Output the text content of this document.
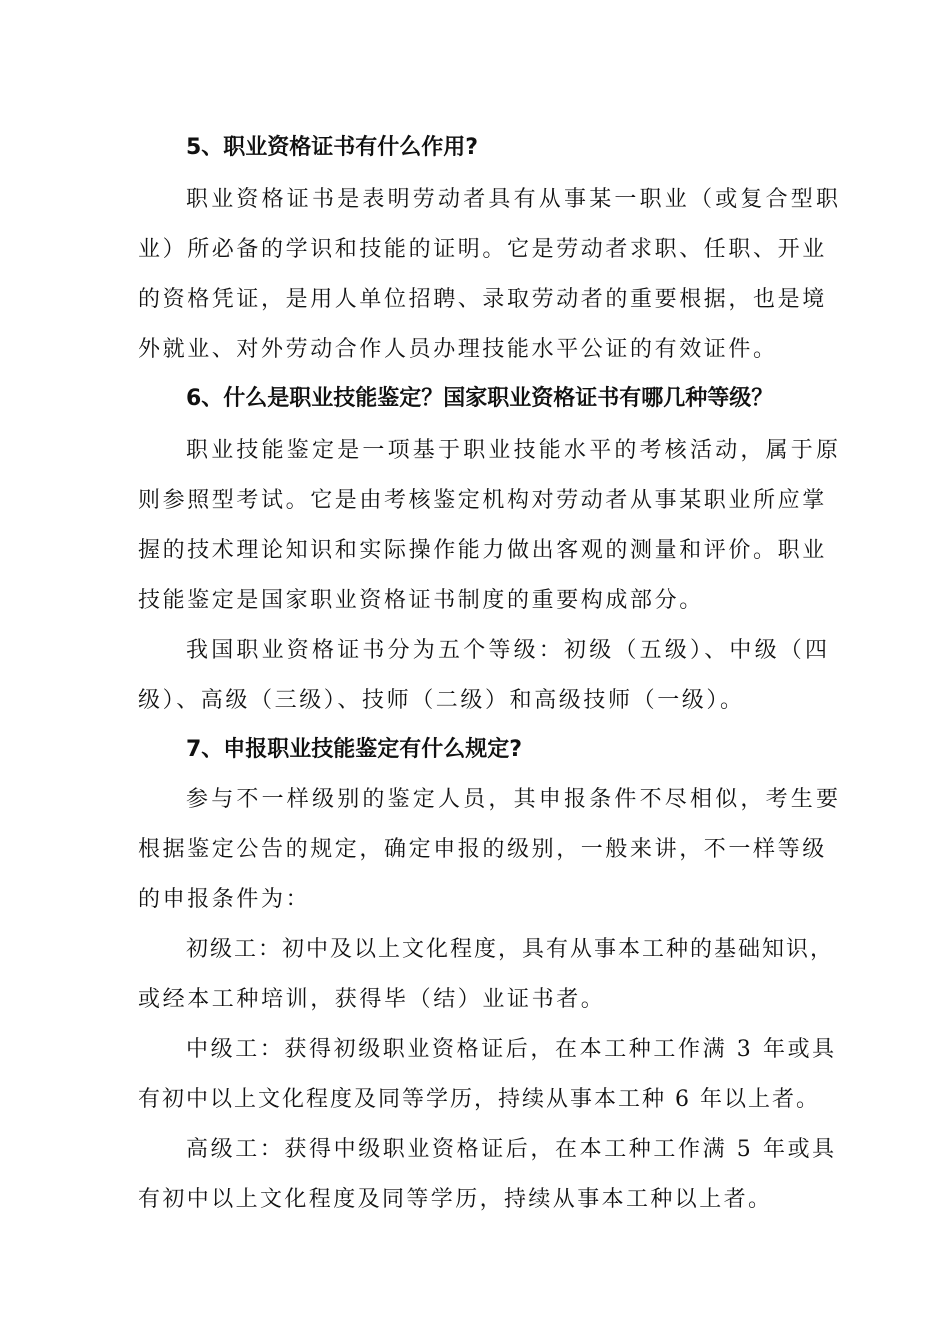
5、职业资格证书有什么作用?
职业资格证书是表明劳动者具有从事某一职业（或复合型职
业）所必备的学识和技能的证明。它是劳动者求职、任职、开业
的资格凭证，是用人单位招聘、录取劳动者的重要根据，也是境
外就业、对外劳动合作人员办理技能水平公证的有效证件。
6、什么是职业技能鉴定？国家职业资格证书有哪几种等级？
职业技能鉴定是一项基于职业技能水平的考核活动，属于原
则参照型考试。它是由考核鉴定机构对劳动者从事某职业所应掌
握的技术理论知识和实际操作能力做出客观的测量和评价。职业
技能鉴定是国家职业资格证书制度的重要构成部分。
我国职业资格证书分为五个等级：初级（五级）、中级（四
级）、高级（三级）、技师（二级）和高级技师（一级）。
7、申报职业技能鉴定有什么规定?
参与不一样级别的鉴定人员，其申报条件不尽相似，考生要
根据鉴定公告的规定，确定申报的级别，一般来讲，不一样等级
的申报条件为：
初级工：初中及以上文化程度，具有从事本工种的基础知识，
或经本工种培训，获得毕（结）业证书者。
中级工：获得初级职业资格证后，在本工种工作满 3 年或具
有初中以上文化程度及同等学历，持续从事本工种 6 年以上者。
高级工：获得中级职业资格证后，在本工种工作满 5 年或具
有初中以上文化程度及同等学历，持续从事本工种以上者。
